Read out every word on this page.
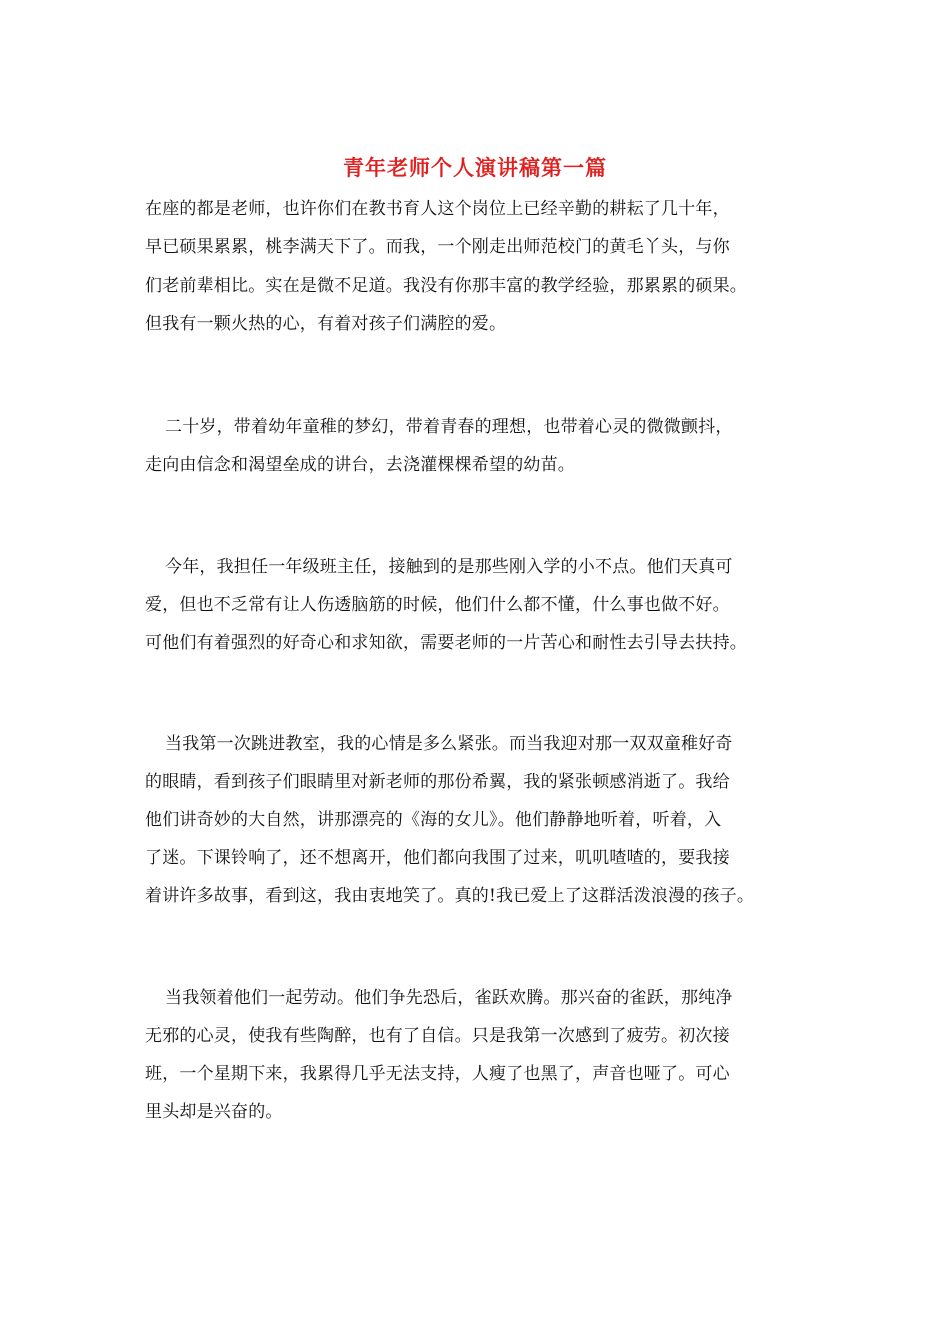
青年老师个人演讲稿第一篇
在座的都是老师，也许你们在教书育人这个岗位上已经辛勤的耕耘了几十年，
早已硕果累累，桃李满天下了。而我，一个刚走出师范校门的黄毛丫头，与你
们老前辈相比。实在是微不足道。我没有你那丰富的教学经验，那累累的硕果。
但我有一颗火热的心，有着对孩子们满腔的爱。
二十岁，带着幼年童稚的梦幻，带着青春的理想，也带着心灵的微微颤抖，
走向由信念和渴望垒成的讲台，去浇灌棵棵希望的幼苗。
今年，我担任一年级班主任，接触到的是那些刚入学的小不点。他们天真可
爱，但也不乏常有让人伤透脑筋的时候，他们什么都不懂，什么事也做不好。
可他们有着强烈的好奇心和求知欲，需要老师的一片苦心和耐性去引导去扶持。
当我第一次跳进教室，我的心情是多么紧张。而当我迎对那一双双童稚好奇
的眼睛，看到孩子们眼睛里对新老师的那份希翼，我的紧张顿感消逝了。我给
他们讲奇妙的大自然，讲那漂亮的《海的女儿》。他们静静地听着，听着，入
了迷。下课铃响了，还不想离开，他们都向我围了过来，叽叽喳喳的，要我接
着讲许多故事，看到这，我由衷地笑了。真的!我已爱上了这群活泼浪漫的孩子。
当我领着他们一起劳动。他们争先恐后，雀跃欢腾。那兴奋的雀跃，那纯净
无邪的心灵，使我有些陶醉，也有了自信。只是我第一次感到了疲劳。初次接
班，一个星期下来，我累得几乎无法支持，人瘦了也黑了，声音也哑了。可心
里头却是兴奋的。
